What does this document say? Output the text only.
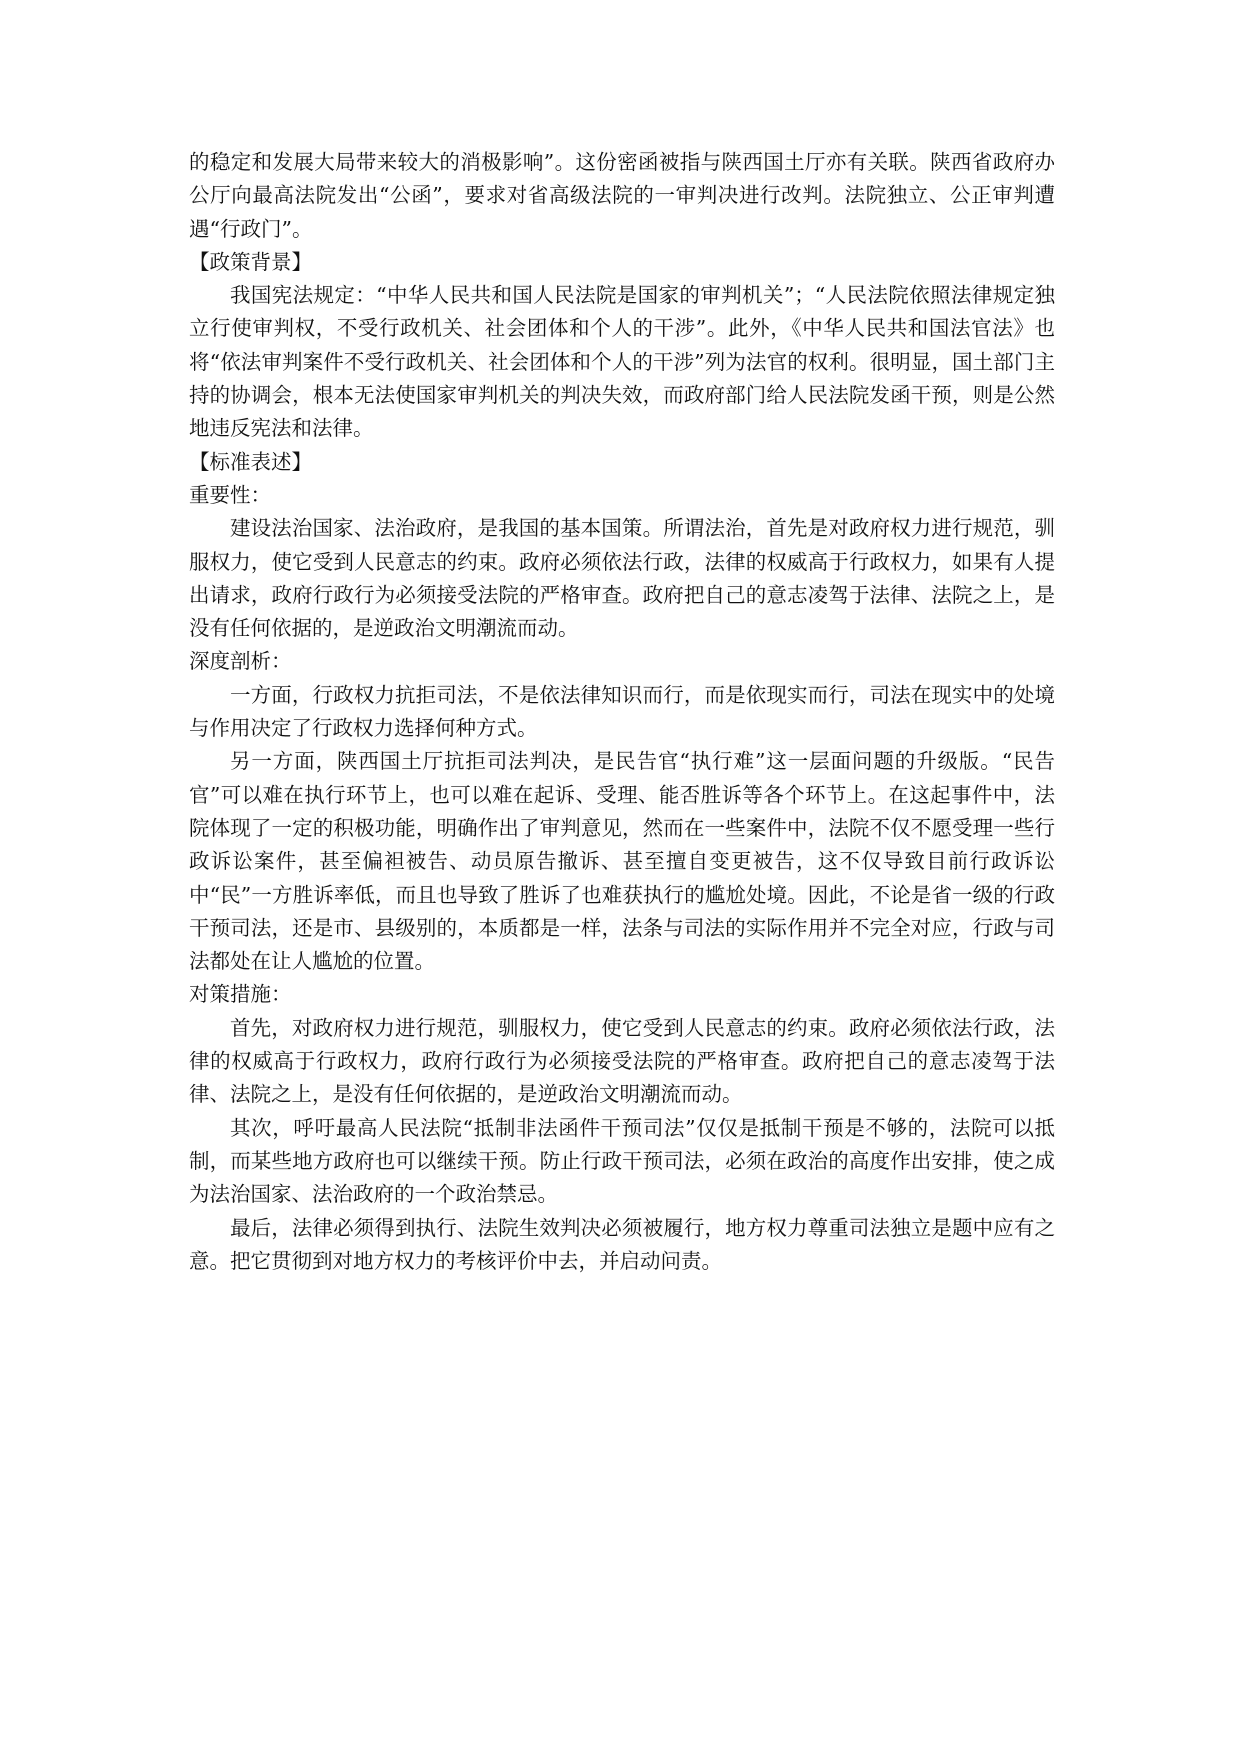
的稳定和发展大局带来较大的消极影响”。这份密函被指与陕西国土厅亦有关联。陕西省政府办公厅向最高法院发出“公函”，要求对省高级法院的一审判决进行改判。法院独立、公正审判遭遇“行政门”。

【政策背景】

我国宪法规定：“中华人民共和国人民法院是国家的审判机关”；“人民法院依照法律规定独立行使审判权，不受行政机关、社会团体和个人的干涉”。此外，《中华人民共和国法官法》也将“依法审判案件不受行政机关、社会团体和个人的干涉”列为法官的权利。很明显，国土部门主持的协调会，根本无法使国家审判机关的判决失效，而政府部门给人民法院发函干预，则是公然地违反宪法和法律。

【标准表述】

重要性：

建设法治国家、法治政府，是我国的基本国策。所谓法治，首先是对政府权力进行规范，驯服权力，使它受到人民意志的约束。政府必须依法行政，法律的权威高于行政权力，如果有人提出请求，政府行政行为必须接受法院的严格审查。政府把自己的意志凌驾于法律、法院之上，是没有任何依据的，是逆政治文明潮流而动。

深度剖析：

一方面，行政权力抗拒司法，不是依法律知识而行，而是依现实而行，司法在现实中的处境与作用决定了行政权力选择何种方式。

另一方面，陕西国土厅抗拒司法判决，是民告官“执行难”这一层面问题的升级版。“民告官”可以难在执行环节上，也可以难在起诉、受理、能否胜诉等各个环节上。在这起事件中，法院体现了一定的积极功能，明确作出了审判意见，然而在一些案件中，法院不仅不愿受理一些行政诉讼案件，甚至偏袒被告、动员原告撤诉、甚至擅自变更被告，这不仅导致目前行政诉讼中“民”一方胜诉率低，而且也导致了胜诉了也难获执行的尴尬处境。因此，不论是省一级的行政干预司法，还是市、县级别的，本质都是一样，法条与司法的实际作用并不完全对应，行政与司法都处在让人尴尬的位置。

对策措施：

首先，对政府权力进行规范，驯服权力，使它受到人民意志的约束。政府必须依法行政，法律的权威高于行政权力，政府行政行为必须接受法院的严格审查。政府把自己的意志凌驾于法律、法院之上，是没有任何依据的，是逆政治文明潮流而动。

其次，呼吁最高人民法院“抵制非法函件干预司法”仅仅是抵制干预是不够的，法院可以抵制，而某些地方政府也可以继续干预。防止行政干预司法，必须在政治的高度作出安排，使之成为法治国家、法治政府的一个政治禁忌。

最后，法律必须得到执行、法院生效判决必须被履行，地方权力尊重司法独立是题中应有之意。把它贯彻到对地方权力的考核评价中去，并启动问责。
